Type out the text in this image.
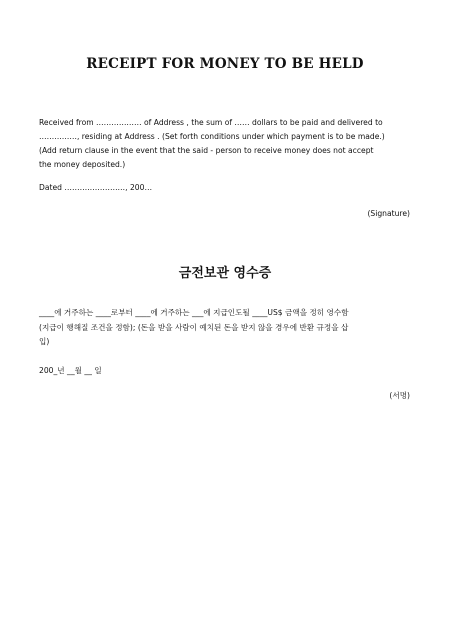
RECEIPT FOR MONEY TO BE HELD

Received from ……………… of Address , the sum of …… dollars to be paid and delivered to

……………, residing at Address . (Set forth conditions under which payment is to be made.)

(Add return clause in the event that the said - person to receive money does not accept

the money deposited.)

Dated ……………………, 200…
(Signature)
금전보관 영수증

____에 거주하는 ____로부터 ____에 거주하는 ___에 지급인도될 ____US$ 금액을 정히 영수함

(지급이 행해질 조건을 정함); (돈을 받을 사람이 예치된 돈을 받지 않을 경우에 반환 규정을 삽

입)

200_년 __월 __ 일
(서명)
